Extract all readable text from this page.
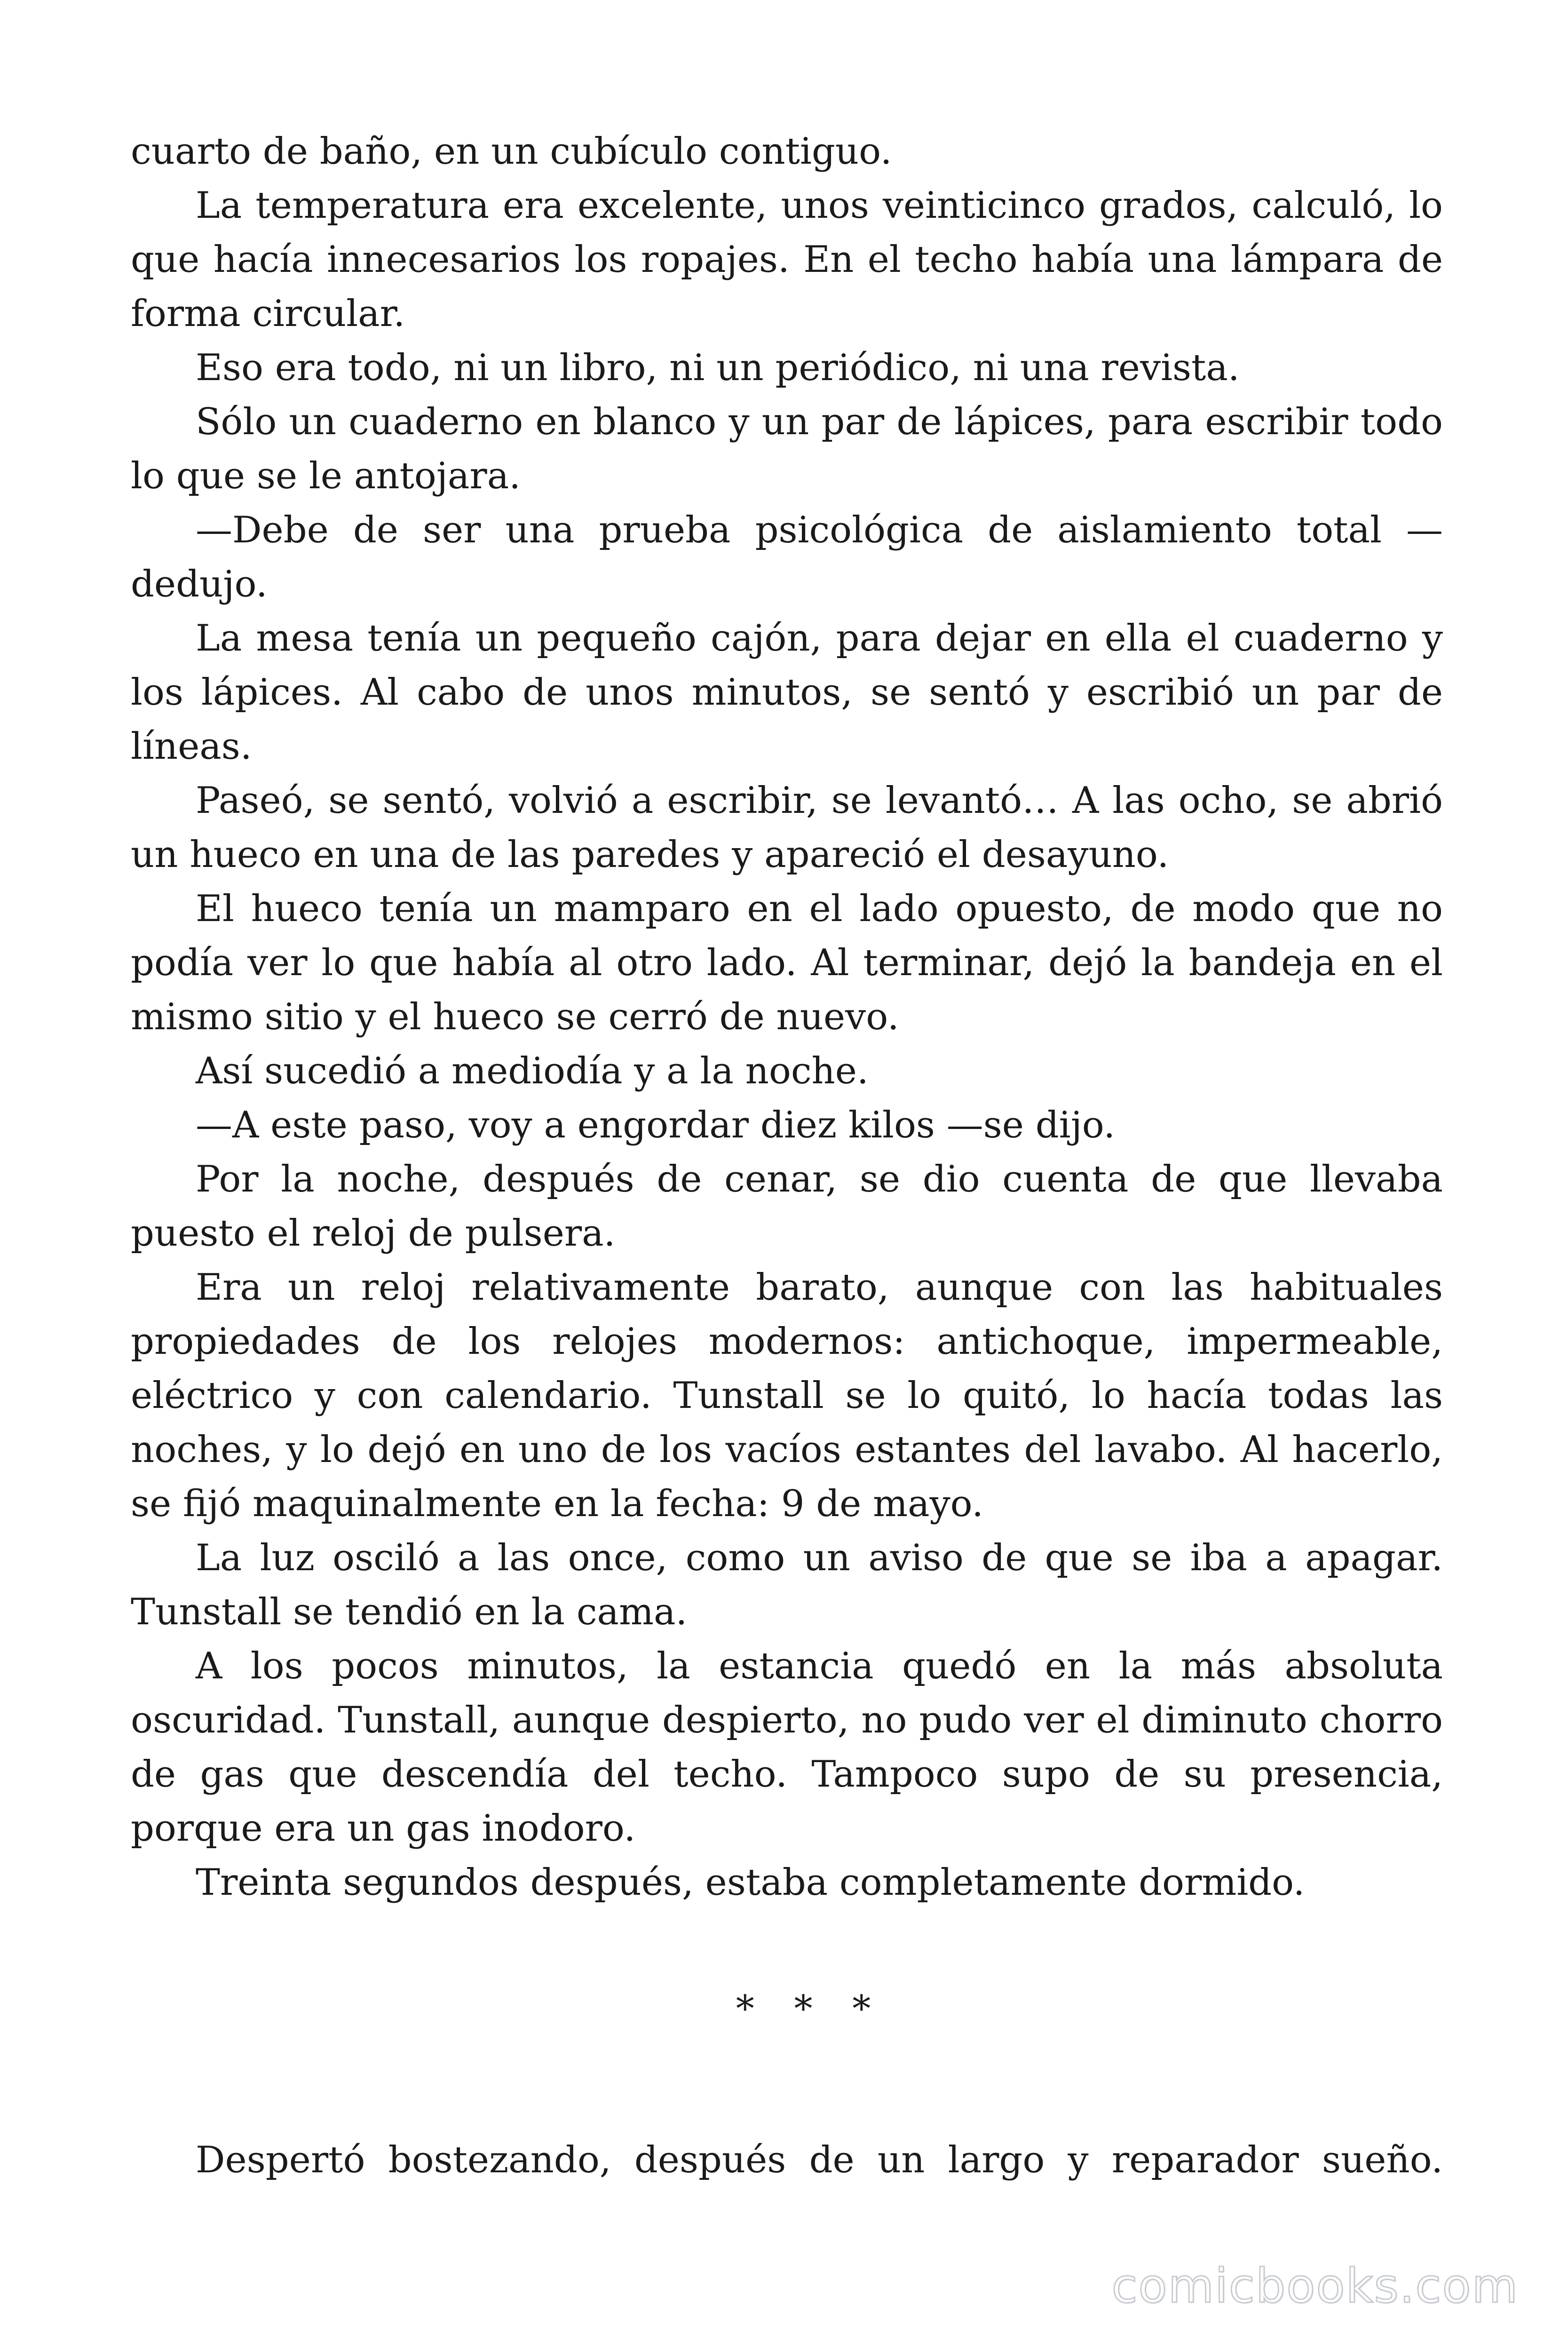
cuarto de baño, en un cubículo contiguo.

La temperatura era excelente, unos veinticinco grados, calculó, lo que hacía innecesarios los ropajes. En el techo había una lámpara de forma circular.

Eso era todo, ni un libro, ni un periódico, ni una revista.

Sólo un cuaderno en blanco y un par de lápices, para escribir todo lo que se le antojara.

—Debe de ser una prueba psicológica de aislamiento total —dedujo.

La mesa tenía un pequeño cajón, para dejar en ella el cuaderno y los lápices. Al cabo de unos minutos, se sentó y escribió un par de líneas.

Paseó, se sentó, volvió a escribir, se levantó… A las ocho, se abrió un hueco en una de las paredes y apareció el desayuno.

El hueco tenía un mamparo en el lado opuesto, de modo que no podía ver lo que había al otro lado. Al terminar, dejó la bandeja en el mismo sitio y el hueco se cerró de nuevo.

Así sucedió a mediodía y a la noche.

—A este paso, voy a engordar diez kilos —se dijo.

Por la noche, después de cenar, se dio cuenta de que llevaba puesto el reloj de pulsera.

Era un reloj relativamente barato, aunque con las habituales propiedades de los relojes modernos: antichoque, impermeable, eléctrico y con calendario. Tunstall se lo quitó, lo hacía todas las noches, y lo dejó en uno de los vacíos estantes del lavabo. Al hacerlo, se fijó maquinalmente en la fecha: 9 de mayo.

La luz osciló a las once, como un aviso de que se iba a apagar. Tunstall se tendió en la cama.

A los pocos minutos, la estancia quedó en la más absoluta oscuridad. Tunstall, aunque despierto, no pudo ver el diminuto chorro de gas que descendía del techo. Tampoco supo de su presencia, porque era un gas inodoro.

Treinta segundos después, estaba completamente dormido.

* * *

Despertó bostezando, después de un largo y reparador sueño.

comicbooks.com
